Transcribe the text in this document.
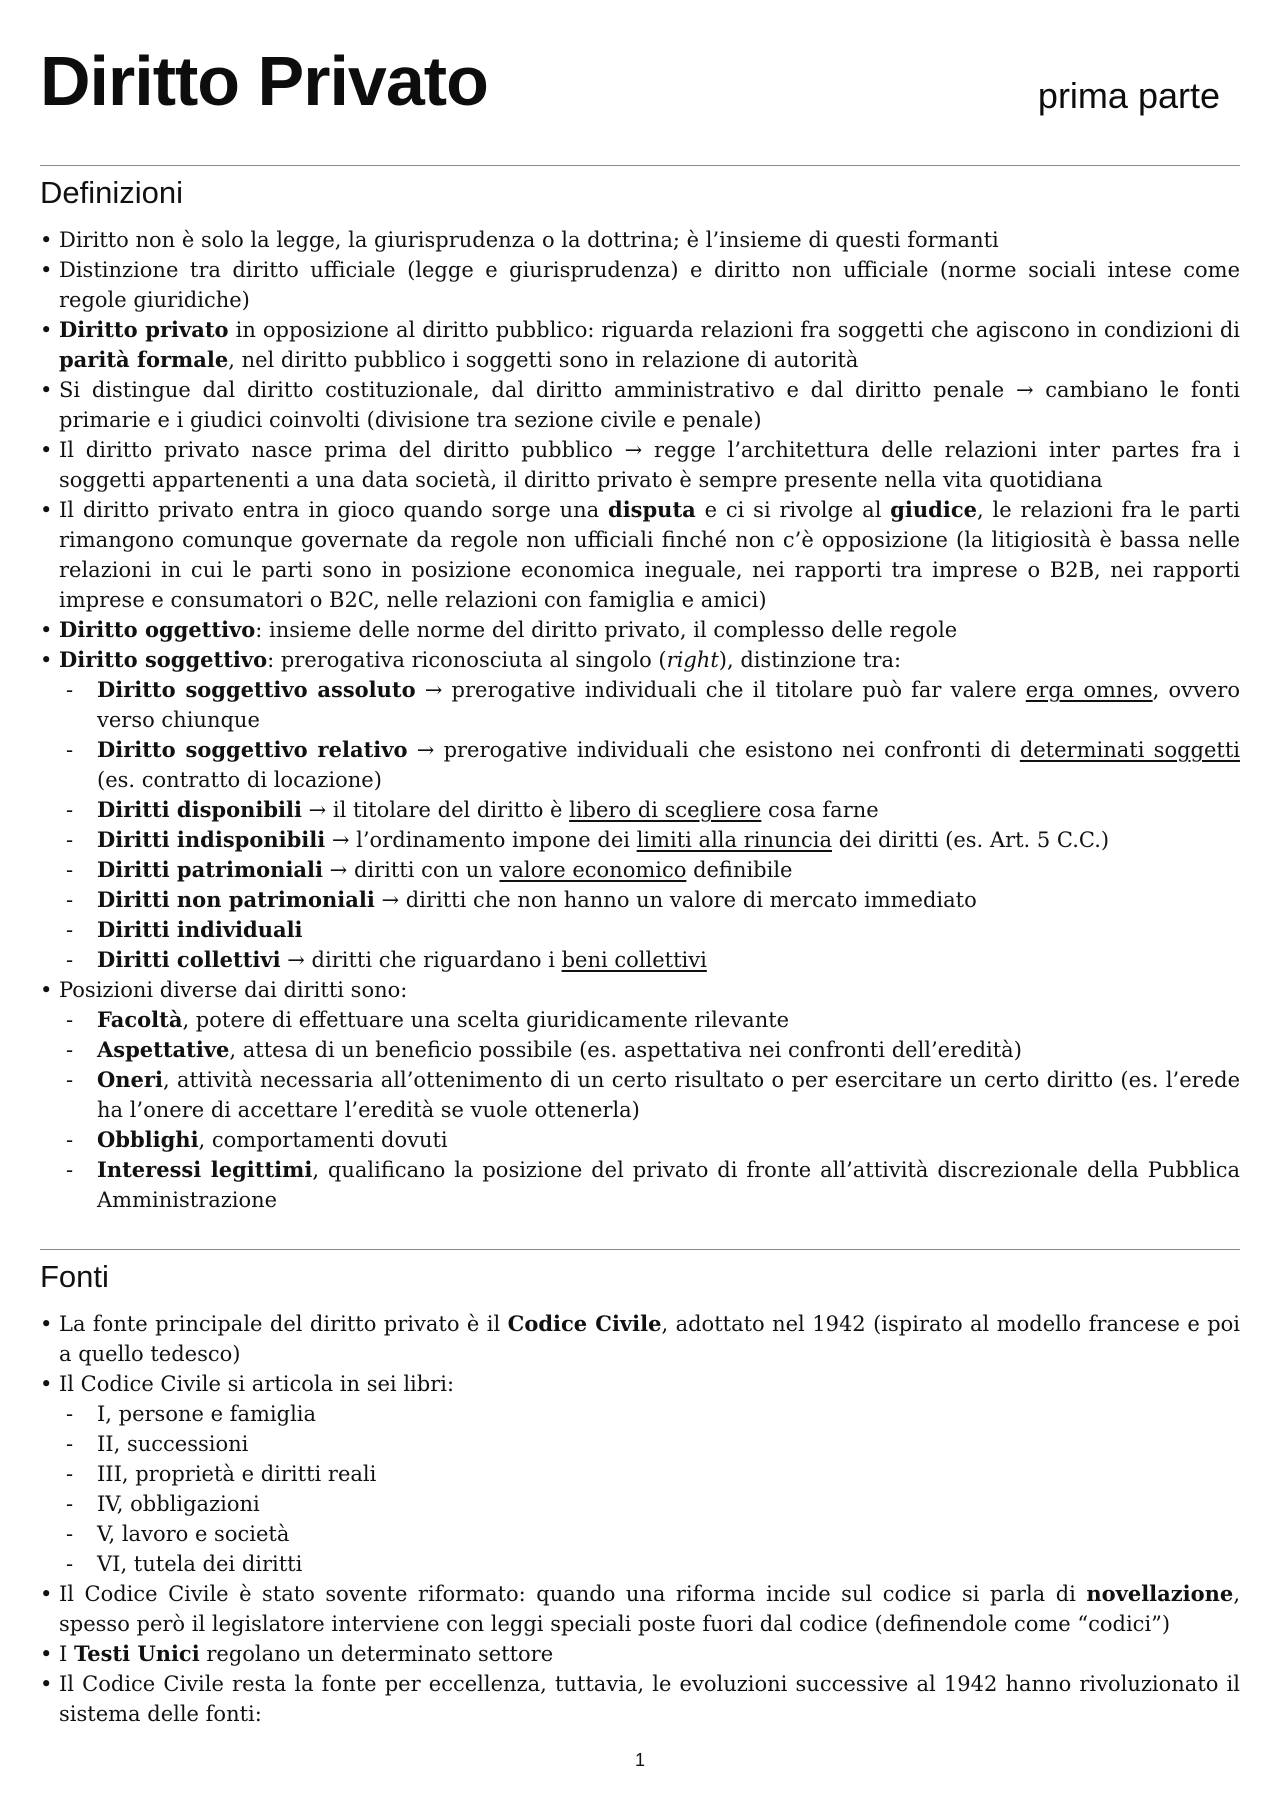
Diritto Privato	prima parte
Definizioni
• Diritto non è solo la legge, la giurisprudenza o la dottrina; è l’insieme di questi formanti
• Distinzione tra diritto ufficiale (legge e giurisprudenza) e diritto non ufficiale (norme sociali intese come regole giuridiche)
• Diritto privato in opposizione al diritto pubblico: riguarda relazioni fra soggetti che agiscono in condizioni di parità formale, nel diritto pubblico i soggetti sono in relazione di autorità
• Si distingue dal diritto costituzionale, dal diritto amministrativo e dal diritto penale → cambiano le fonti primarie e i giudici coinvolti (divisione tra sezione civile e penale)
• Il diritto privato nasce prima del diritto pubblico → regge l’architettura delle relazioni inter partes fra i soggetti appartenenti a una data società, il diritto privato è sempre presente nella vita quotidiana
• Il diritto privato entra in gioco quando sorge una disputa e ci si rivolge al giudice, le relazioni fra le parti rimangono comunque governate da regole non ufficiali finché non c’è opposizione (la litigiosità è bassa nelle relazioni in cui le parti sono in posizione economica ineguale, nei rapporti tra imprese o B2B, nei rapporti imprese e consumatori o B2C, nelle relazioni con famiglia e amici)
• Diritto oggettivo: insieme delle norme del diritto privato, il complesso delle regole
• Diritto soggettivo: prerogativa riconosciuta al singolo (right), distinzione tra:
- Diritto soggettivo assoluto → prerogative individuali che il titolare può far valere erga omnes, ovvero verso chiunque
- Diritto soggettivo relativo → prerogative individuali che esistono nei confronti di determinati soggetti (es. contratto di locazione)
- Diritti disponibili → il titolare del diritto è libero di scegliere cosa farne
- Diritti indisponibili → l’ordinamento impone dei limiti alla rinuncia dei diritti (es. Art. 5 C.C.)
- Diritti patrimoniali → diritti con un valore economico definibile
- Diritti non patrimoniali → diritti che non hanno un valore di mercato immediato
- Diritti individuali
- Diritti collettivi → diritti che riguardano i beni collettivi
• Posizioni diverse dai diritti sono:
- Facoltà, potere di effettuare una scelta giuridicamente rilevante
- Aspettative, attesa di un beneficio possibile (es. aspettativa nei confronti dell’eredità)
- Oneri, attività necessaria all’ottenimento di un certo risultato o per esercitare un certo diritto (es. l’erede ha l’onere di accettare l’eredità se vuole ottenerla)
- Obblighi, comportamenti dovuti
- Interessi legittimi, qualificano la posizione del privato di fronte all’attività discrezionale della Pubblica Amministrazione
Fonti
• La fonte principale del diritto privato è il Codice Civile, adottato nel 1942 (ispirato al modello francese e poi a quello tedesco)
• Il Codice Civile si articola in sei libri:
- I, persone e famiglia
- II, successioni
- III, proprietà e diritti reali
- IV, obbligazioni
- V, lavoro e società
- VI, tutela dei diritti
• Il Codice Civile è stato sovente riformato: quando una riforma incide sul codice si parla di novellazione, spesso però il legislatore interviene con leggi speciali poste fuori dal codice (definendole come “codici”)
• I Testi Unici regolano un determinato settore
• Il Codice Civile resta la fonte per eccellenza, tuttavia, le evoluzioni successive al 1942 hanno rivoluzionato il sistema delle fonti:
1
